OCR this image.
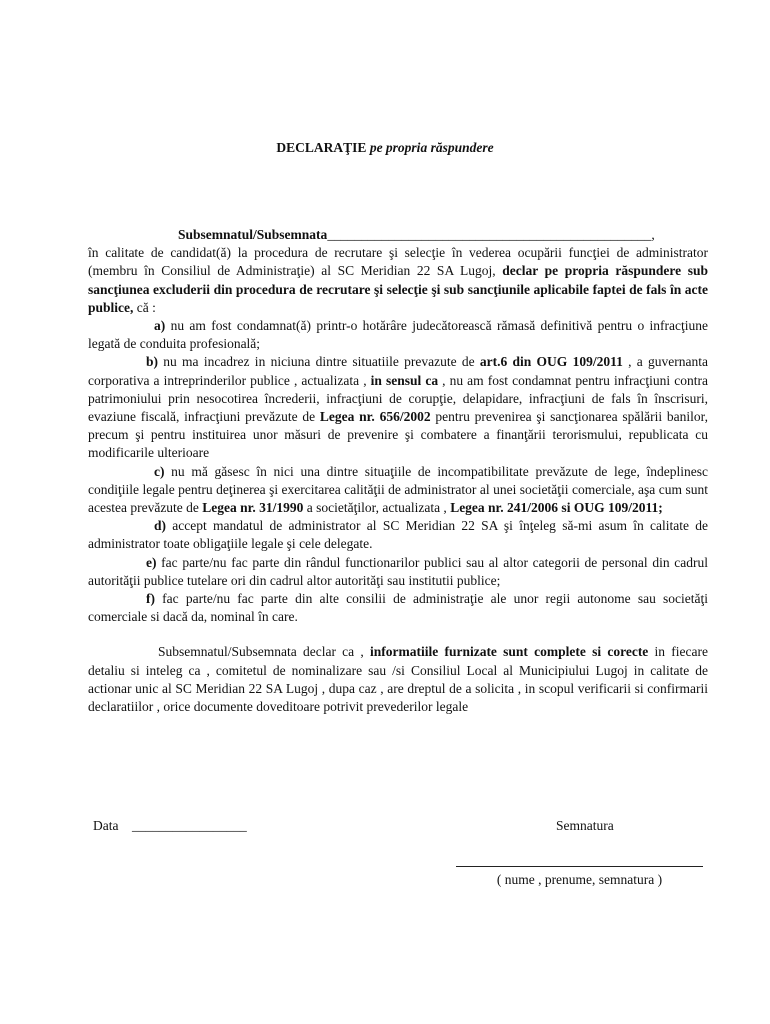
DECLARAŢIE pe propria răspundere

Subsemnatul/Subsemnata________________________________________________,

în calitate de candidat(ă) la procedura de recrutare şi selecţie în vederea ocupării funcţiei de administrator (membru în Consiliul de Administraţie) al SC Meridian 22 SA Lugoj, declar pe propria răspundere sub sancţiunea excluderii din procedura de recrutare şi selecţie şi sub sancţiunile aplicabile faptei de fals în acte publice, că :

a) nu am fost condamnat(ă) printr-o hotărâre judecătorească rămasă definitivă pentru o infracţiune legată de conduita profesională;

b) nu ma incadrez in niciuna dintre situatiile prevazute de art.6 din OUG 109/2011 , a guvernanta corporativa a intreprinderilor publice , actualizata , in sensul ca , nu am fost condamnat pentru infracţiuni contra patrimoniului prin nesocotirea încrederii, infracţiuni de corupţie, delapidare, infracţiuni de fals în înscrisuri, evaziune fiscală, infracţiuni prevăzute de Legea nr. 656/2002 pentru prevenirea şi sancţionarea spălării banilor, precum şi pentru instituirea unor măsuri de prevenire şi combatere a finanţării terorismului, republicata cu modificarile ulterioare

c) nu mă găsesc în nici una dintre situaţiile de incompatibilitate prevăzute de lege, îndeplinesc condiţiile legale pentru deţinerea şi exercitarea calităţii de administrator al unei societăţii comerciale, aşa cum sunt acestea prevăzute de Legea nr. 31/1990 a societăţilor, actualizata , Legea nr. 241/2006 si OUG 109/2011;

d) accept mandatul de administrator al SC Meridian 22 SA şi înţeleg să-mi asum în calitate de administrator toate obligaţiile legale şi cele delegate.

e) fac parte/nu fac parte din rândul functionarilor publici sau al altor categorii de personal din cadrul autorităţii publice tutelare ori din cadrul altor autorităţi sau institutii publice;

f) fac parte/nu fac parte din alte consilii de administraţie ale unor regii autonome sau societăţi comerciale si dacă da, nominal în care.

Subsemnatul/Subsemnata declar ca , informatiile furnizate sunt complete si corecte in fiecare detaliu si inteleg ca , comitetul de nominalizare sau /si Consiliul Local al Municipiului Lugoj in calitate de actionar unic al SC Meridian 22 SA Lugoj , dupa caz , are dreptul de a solicita , in scopul verificarii si confirmarii declaratiilor , orice documente doveditoare potrivit prevederilor legale

Data _________________	Semnatura
( nume , prenume, semnatura )
